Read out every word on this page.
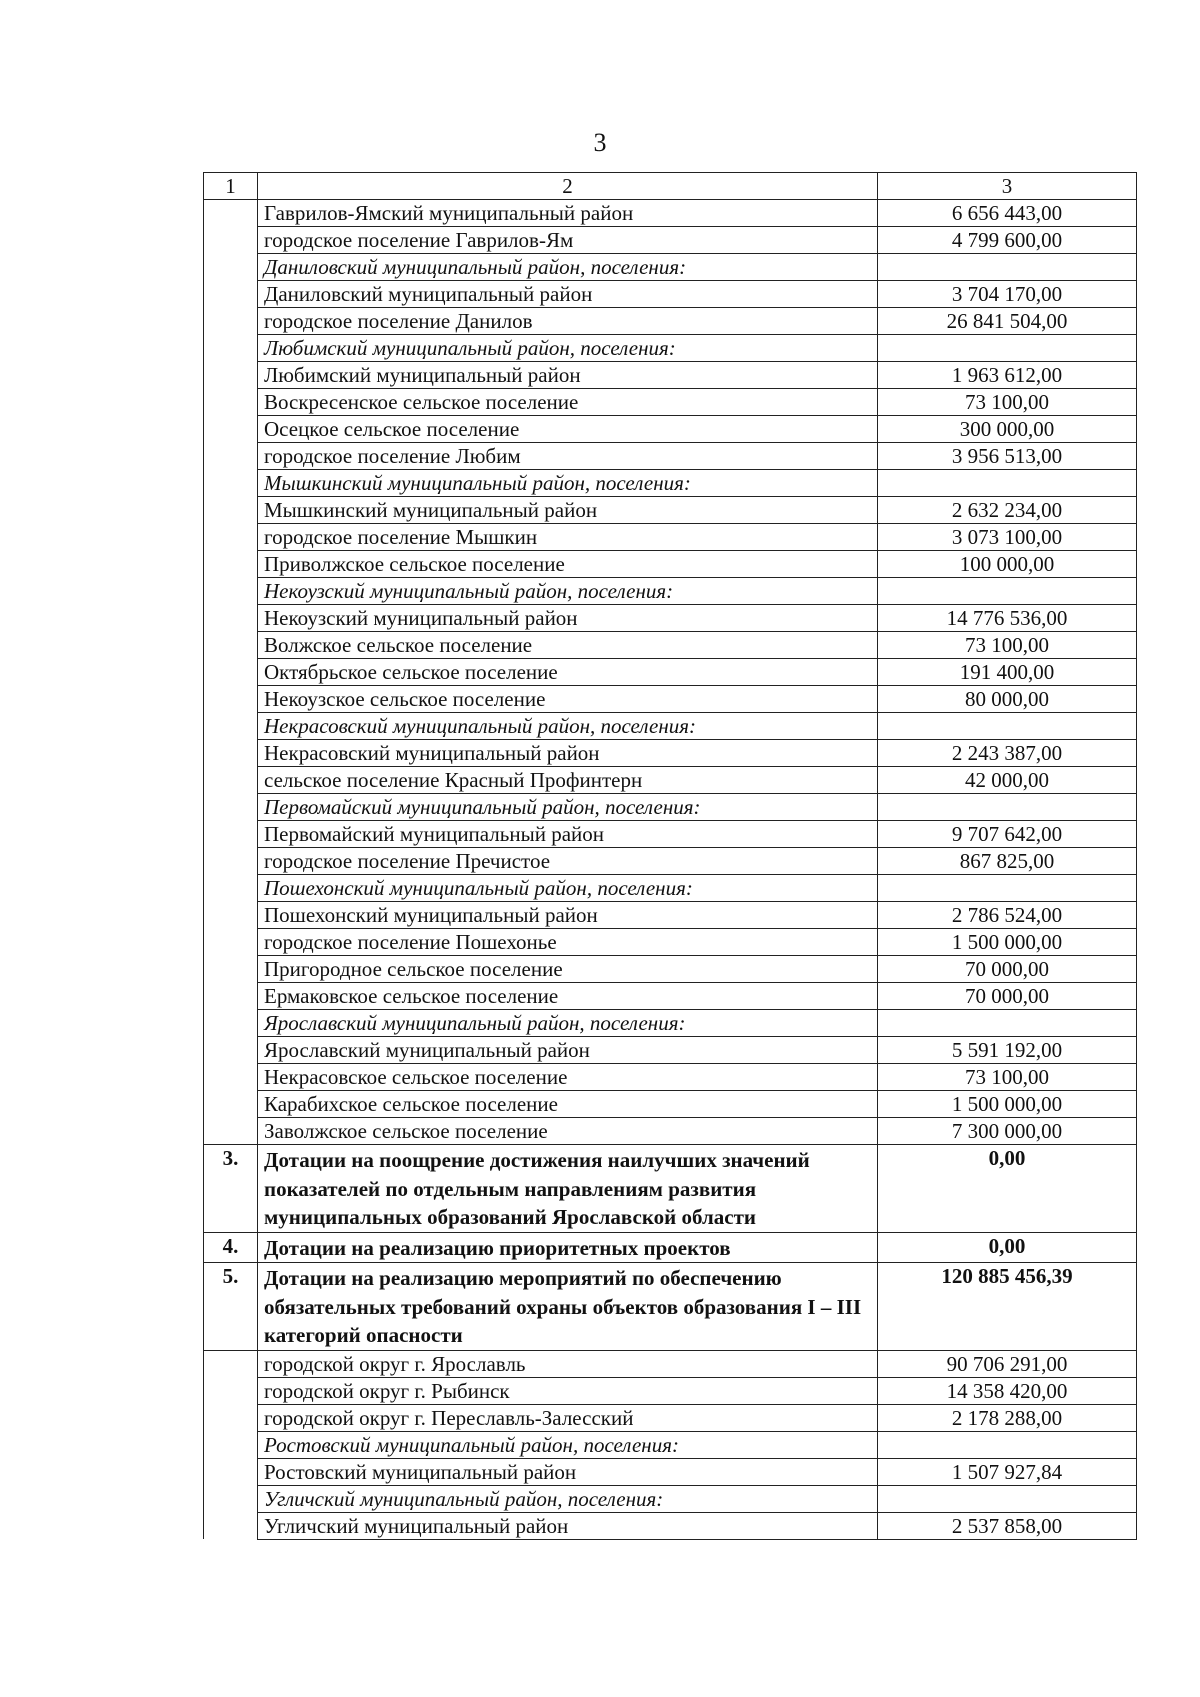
3
1	2	3
	Гаврилов-Ямский муниципальный район	6 656 443,00
	городское поселение Гаврилов-Ям	4 799 600,00
	Даниловский муниципальный район, поселения:	
	Даниловский муниципальный район	3 704 170,00
	городское поселение Данилов	26 841 504,00
	Любимский муниципальный район, поселения:	
	Любимский муниципальный район	1 963 612,00
	Воскресенское сельское поселение	73 100,00
	Осецкое сельское поселение	300 000,00
	городское поселение Любим	3 956 513,00
	Мышкинский муниципальный район, поселения:	
	Мышкинский муниципальный район	2 632 234,00
	городское поселение Мышкин	3 073 100,00
	Приволжское сельское поселение	100 000,00
	Некоузский муниципальный район, поселения:	
	Некоузский муниципальный район	14 776 536,00
	Волжское сельское поселение	73 100,00
	Октябрьское сельское поселение	191 400,00
	Некоузское сельское поселение	80 000,00
	Некрасовский муниципальный район, поселения:	
	Некрасовский муниципальный район	2 243 387,00
	сельское поселение Красный Профинтерн	42 000,00
	Первомайский муниципальный район, поселения:	
	Первомайский муниципальный район	9 707 642,00
	городское поселение Пречистое	867 825,00
	Пошехонский муниципальный район, поселения:	
	Пошехонский муниципальный район	2 786 524,00
	городское поселение Пошехонье	1 500 000,00
	Пригородное сельское поселение	70 000,00
	Ермаковское сельское поселение	70 000,00
	Ярославский муниципальный район, поселения:	
	Ярославский муниципальный район	5 591 192,00
	Некрасовское сельское поселение	73 100,00
	Карабихское сельское поселение	1 500 000,00
	Заволжское сельское поселение	7 300 000,00
3.	Дотации на поощрение достижения наилучших значений показателей по отдельным направлениям развития муниципальных образований Ярославской области	0,00
4.	Дотации на реализацию приоритетных проектов	0,00
5.	Дотации на реализацию мероприятий по обеспечению обязательных требований охраны объектов образования I – III категорий опасности	120 885 456,39
	городской округ г. Ярославль	90 706 291,00
	городской округ г. Рыбинск	14 358 420,00
	городской округ г. Переславль-Залесский	2 178 288,00
	Ростовский муниципальный район, поселения:	
	Ростовский муниципальный район	1 507 927,84
	Угличский муниципальный район, поселения:	
	Угличский муниципальный район	2 537 858,00
